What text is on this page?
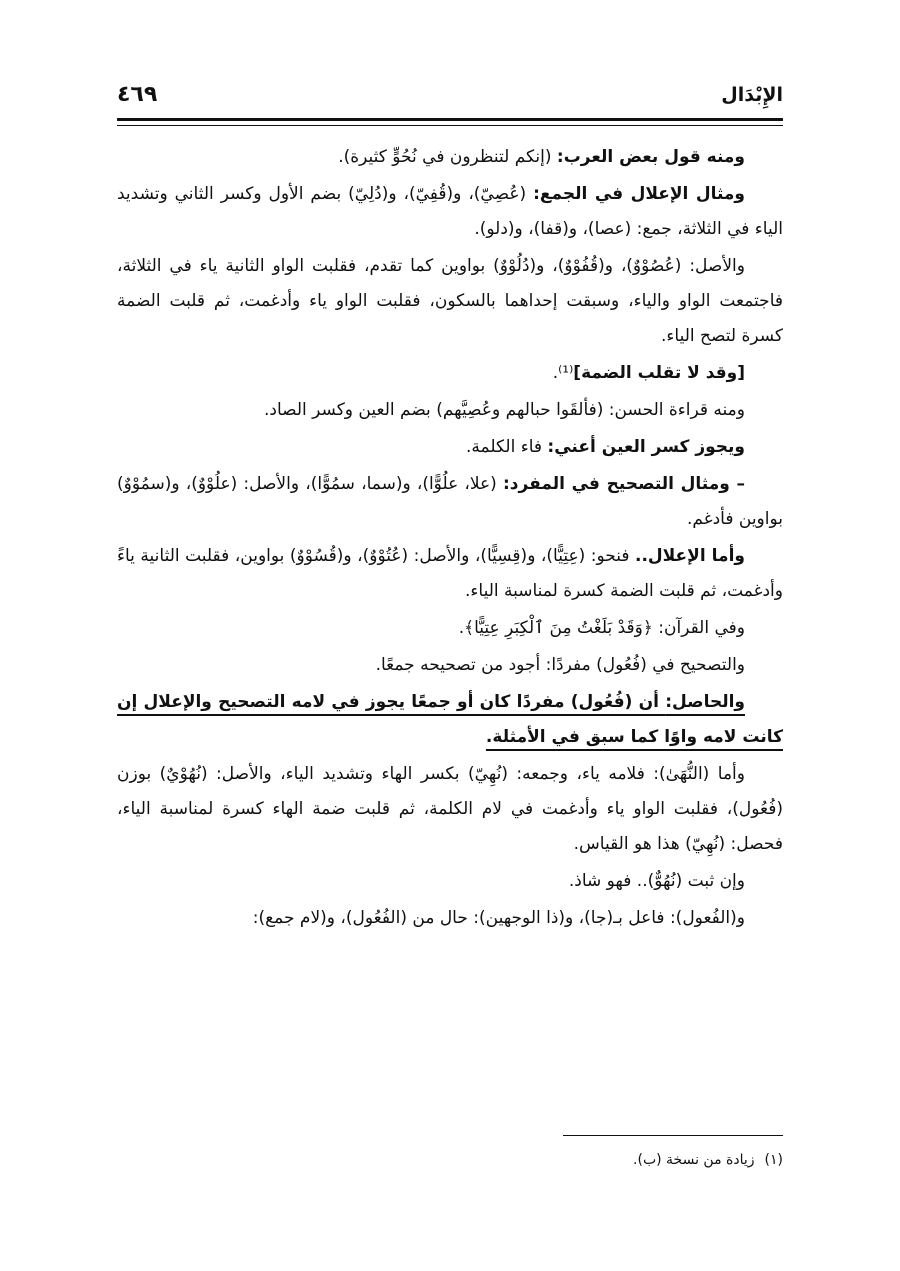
الإِبْدَال
٤٦٩

ومنه قول بعض العرب: (إنكم لتنظرون في نُحُوٍّ كثيرة).

ومثال الإعلال في الجمع: (عُصِيّ)، و(قُفِيّ)، و(دُلِيّ) بضم الأول وكسر الثاني وتشديد الياء في الثلاثة، جمع: (عصا)، و(قفا)، و(دلو).

والأصل: (عُصُوْوٌ)، و(قُفُوْوٌ)، و(دُلُوْوٌ) بواوين كما تقدم، فقلبت الواو الثانية ياء في الثلاثة، فاجتمعت الواو والياء، وسبقت إحداهما بالسكون، فقلبت الواو ياء وأدغمت، ثم قلبت الضمة كسرة لتصح الياء.

[وقد لا تقلب الضمة]⁽¹⁾.

ومنه قراءة الحسن: (فألقَوا حبالهم وعُصِيَّهم) بضم العين وكسر الصاد.

ويجوز كسر العين أعني: فاء الكلمة.

– ومثال التصحيح في المفرد: (علا، علُوًّا)، و(سما، سمُوًّا)، والأصل: (علُوْوٌ)، و(سمُوْوٌ) بواوين فأدغم.

وأما الإعلال.. فنحو: (عِتِيًّا)، و(قِسِيًّا)، والأصل: (عُتُوْوٌ)، و(قُسُوْوٌ) بواوين، فقلبت الثانية ياءً وأدغمت، ثم قلبت الضمة كسرة لمناسبة الياء.

وفي القرآن: ﴿وَقَدْ بَلَغْتُ مِنَ ٱلْكِبَرِ عِتِيًّا﴾.

والتصحيح في (فُعُول) مفردًا: أجود من تصحيحه جمعًا.

والحاصل: أن (فُعُول) مفردًا كان أو جمعًا يجوز في لامه التصحيح والإعلال إن كانت لامه واوًا كما سبق في الأمثلة.

وأما (النُّهَىٰ): فلامه ياء، وجمعه: (نُهِيّ) بكسر الهاء وتشديد الياء، والأصل: (نُهُوْيٌ) بوزن (فُعُول)، فقلبت الواو ياء وأدغمت في لام الكلمة، ثم قلبت ضمة الهاء كسرة لمناسبة الياء، فحصل: (نُهِيّ) هذا هو القياس.

وإن ثبت (نُهُوٌّ).. فهو شاذ.

و(الفُعول): فاعل بـ(جا)، و(ذا الوجهين): حال من (الفُعُول)، و(لام جمع):

(١)زيادة من نسخة (ب).
